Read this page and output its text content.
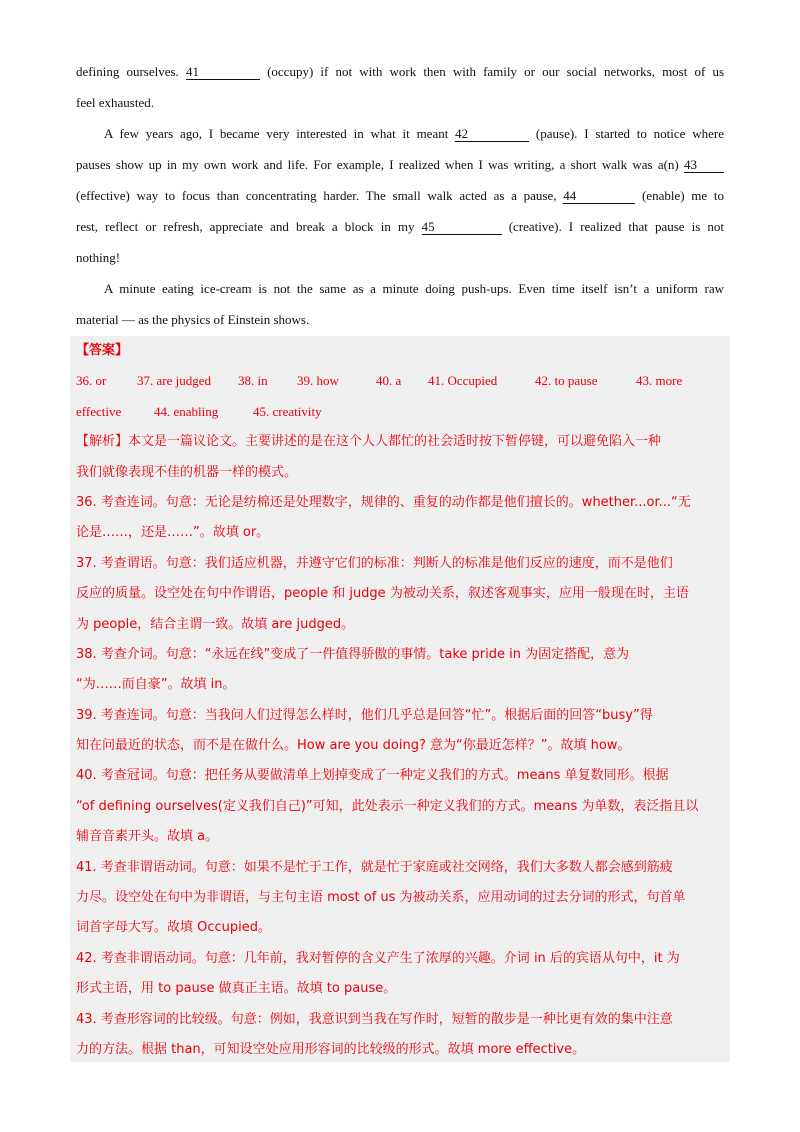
defining ourselves. 41	(occupy) if not with work then with family or our social networks, most of us
feel exhausted.
A few years ago, I became very interested in what it meant 42	(pause). I started to notice where
pauses show up in my own work and life. For example, I realized when I was writing, a short walk was a(n) 43
(effective) way to focus than concentrating harder. The small walk acted as a pause, 44	(enable) me to
rest, reflect or refresh, appreciate and break a block in my 45	(creative). I realized that pause is not
nothing!
A minute eating ice-cream is not the same as a minute doing push-ups. Even time itself isn’t a uniform raw
material — as the physics of Einstein shows.
【答案】
36. or	37. are judged	38. in	39. how	40. a	41. Occupied	42. to pause	43. more
effective	44. enabling	45. creativity
【解析】本文是一篇议论文。主要讲述的是在这个人人都忙的社会适时按下暂停键，可以避免陷入一种
我们就像表现不佳的机器一样的模式。
36. 考查连词。句意：无论是纺棉还是处理数字，规律的、重复的动作都是他们擅长的。whether...or...“无
论是……，还是……”。故填 or。
37. 考查谓语。句意：我们适应机器，并遵守它们的标准：判断人的标准是他们反应的速度，而不是他们
反应的质量。设空处在句中作谓语，people 和 judge 为被动关系，叙述客观事实，应用一般现在时，主语
为 people，结合主谓一致。故填 are judged。
38. 考查介词。句意：“永远在线”变成了一件值得骄傲的事情。take pride in 为固定搭配，意为
“为……而自豪”。故填 in。
39. 考查连词。句意：当我问人们过得怎么样时，他们几乎总是回答“忙”。根据后面的回答“busy”得
知在问最近的状态，而不是在做什么。How are you doing? 意为“你最近怎样？”。故填 how。
40. 考查冠词。句意：把任务从要做清单上划掉变成了一种定义我们的方式。means 单复数同形。根据
“of defining ourselves(定义我们自己)”可知，此处表示一种定义我们的方式。means 为单数，表泛指且以
辅音音素开头。故填 a。
41. 考查非谓语动词。句意：如果不是忙于工作，就是忙于家庭或社交网络，我们大多数人都会感到筋疲
力尽。设空处在句中为非谓语，与主句主语 most of us 为被动关系，应用动词的过去分词的形式，句首单
词首字母大写。故填 Occupied。
42. 考查非谓语动词。句意：几年前，我对暂停的含义产生了浓厚的兴趣。介词 in 后的宾语从句中，it 为
形式主语，用 to pause 做真正主语。故填 to pause。
43. 考查形容词的比较级。句意：例如，我意识到当我在写作时，短暂的散步是一种比更有效的集中注意
力的方法。根据 than，可知设空处应用形容词的比较级的形式。故填 more effective。
